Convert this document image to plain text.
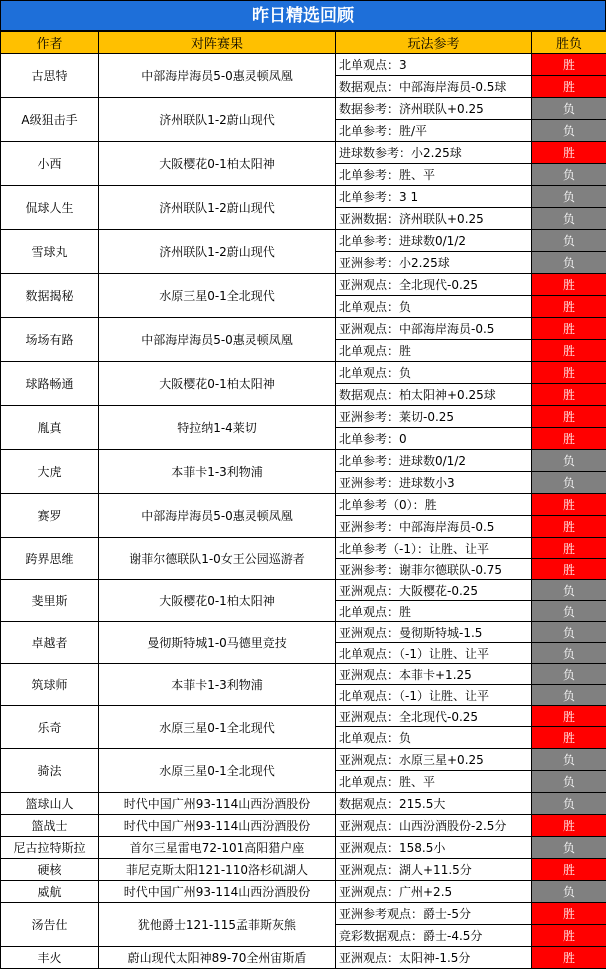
昨日精选回顾
作者	对阵赛果	玩法参考	胜负
古思特	中部海岸海员5-0惠灵顿凤凰	北单观点：3	胜
		数据观点：中部海岸海员-0.5球	胜
A级狙击手	济州联队1-2蔚山现代	数据参考：济州联队+0.25	负
		北单参考：胜/平	负
小西	大阪樱花0-1柏太阳神	进球数参考：小2.25球	胜
		北单参考：胜、平	负
侃球人生	济州联队1-2蔚山现代	北单参考：3 1	负
		亚洲数据：济州联队+0.25	负
雪球丸	济州联队1-2蔚山现代	北单参考：进球数0/1/2	负
		亚洲参考：小2.25球	负
数据揭秘	水原三星0-1全北现代	亚洲观点：全北现代-0.25	胜
		北单观点：负	胜
场场有路	中部海岸海员5-0惠灵顿凤凰	亚洲观点：中部海岸海员-0.5	胜
		北单观点：胜	胜
球路畅通	大阪樱花0-1柏太阳神	北单观点：负	胜
		数据观点：柏太阳神+0.25球	胜
胤真	特拉纳1-4莱切	亚洲参考：莱切-0.25	胜
		北单参考：0	胜
大虎	本菲卡1-3利物浦	北单参考：进球数0/1/2	负
		亚洲参考：进球数小3	负
赛罗	中部海岸海员5-0惠灵顿凤凰	北单参考（0）：胜	胜
		亚洲参考：中部海岸海员-0.5	胜
跨界思维	谢菲尔德联队1-0女王公园巡游者	北单参考（-1）：让胜、让平	胜
		亚洲参考：谢菲尔德联队-0.75	胜
斐里斯	大阪樱花0-1柏太阳神	亚洲观点：大阪樱花-0.25	负
		北单观点：胜	负
卓越者	曼彻斯特城1-0马德里竞技	亚洲观点：曼彻斯特城-1.5	负
		北单观点：（-1）让胜、让平	负
筑球师	本菲卡1-3利物浦	亚洲观点：本菲卡+1.25	负
		北单观点：（-1）让胜、让平	负
乐奇	水原三星0-1全北现代	亚洲观点：全北现代-0.25	胜
		北单观点：负	胜
骑法	水原三星0-1全北现代	亚洲观点：水原三星+0.25	负
		北单观点：胜、平	负
篮球山人	时代中国广州93-114山西汾酒股份	数据观点：215.5大	负
篮战士	时代中国广州93-114山西汾酒股份	亚洲观点：山西汾酒股份-2.5分	胜
尼古拉特斯拉	首尔三星雷电72-101高阳猎户座	亚洲观点：158.5小	负
硬核	菲尼克斯太阳121-110洛杉矶湖人	亚洲观点：湖人+11.5分	胜
威航	时代中国广州93-114山西汾酒股份	亚洲观点：广州+2.5	负
汤告仕	犹他爵士121-115孟菲斯灰熊	亚洲参考观点：爵士-5分	胜
		竞彩数据观点：爵士-4.5分	胜
丰火	蔚山现代太阳神89-70全州宙斯盾	亚洲观点：太阳神-1.5分	胜
